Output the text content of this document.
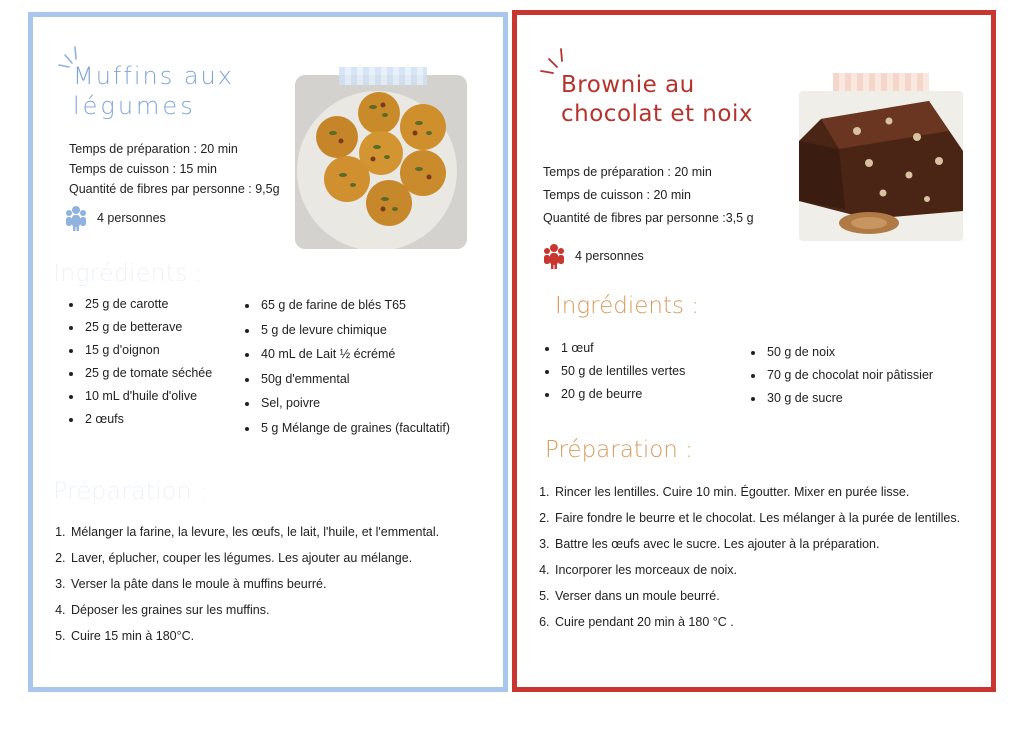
Muffins aux
légumes
Temps de préparation : 20 min
Temps de cuisson : 15 min
Quantité de fibres par personne : 9,5g
4 personnes
Ingrédients :
• 25 g de carotte
• 25 g de betterave
• 15 g d'oignon
• 25 g de tomate séchée
• 10 mL d'huile d'olive
• 2 œufs
• 65 g de farine de blés T65
• 5 g de levure chimique
• 40 mL de Lait ½ écrémé
• 50g d'emmental
• Sel, poivre
• 5 g Mélange de graines (facultatif)
Préparation :
1. Mélanger la farine, la levure, les œufs, le lait, l'huile, et l'emmental.
2. Laver, éplucher, couper les légumes. Les ajouter au mélange.
3. Verser la pâte dans le moule à muffins beurré.
4. Déposer les graines sur les muffins.
5. Cuire 15 min à 180°C.
Brownie au
chocolat et noix
Temps de préparation : 20 min
Temps de cuisson : 20 min
Quantité de fibres par personne :3,5 g
4 personnes
Ingrédients :
• 1 œuf
• 50 g de lentilles vertes
• 20 g de beurre
• 50 g de noix
• 70 g de chocolat noir pâtissier
• 30 g de sucre
Préparation :
1. Rincer les lentilles. Cuire 10 min. Égoutter. Mixer en purée lisse.
2. Faire fondre le beurre et le chocolat. Les mélanger à la purée de lentilles.
3. Battre les œufs avec le sucre. Les ajouter à la préparation.
4. Incorporer les morceaux de noix.
5. Verser dans un moule beurré.
6. Cuire pendant 20 min à 180 °C .
